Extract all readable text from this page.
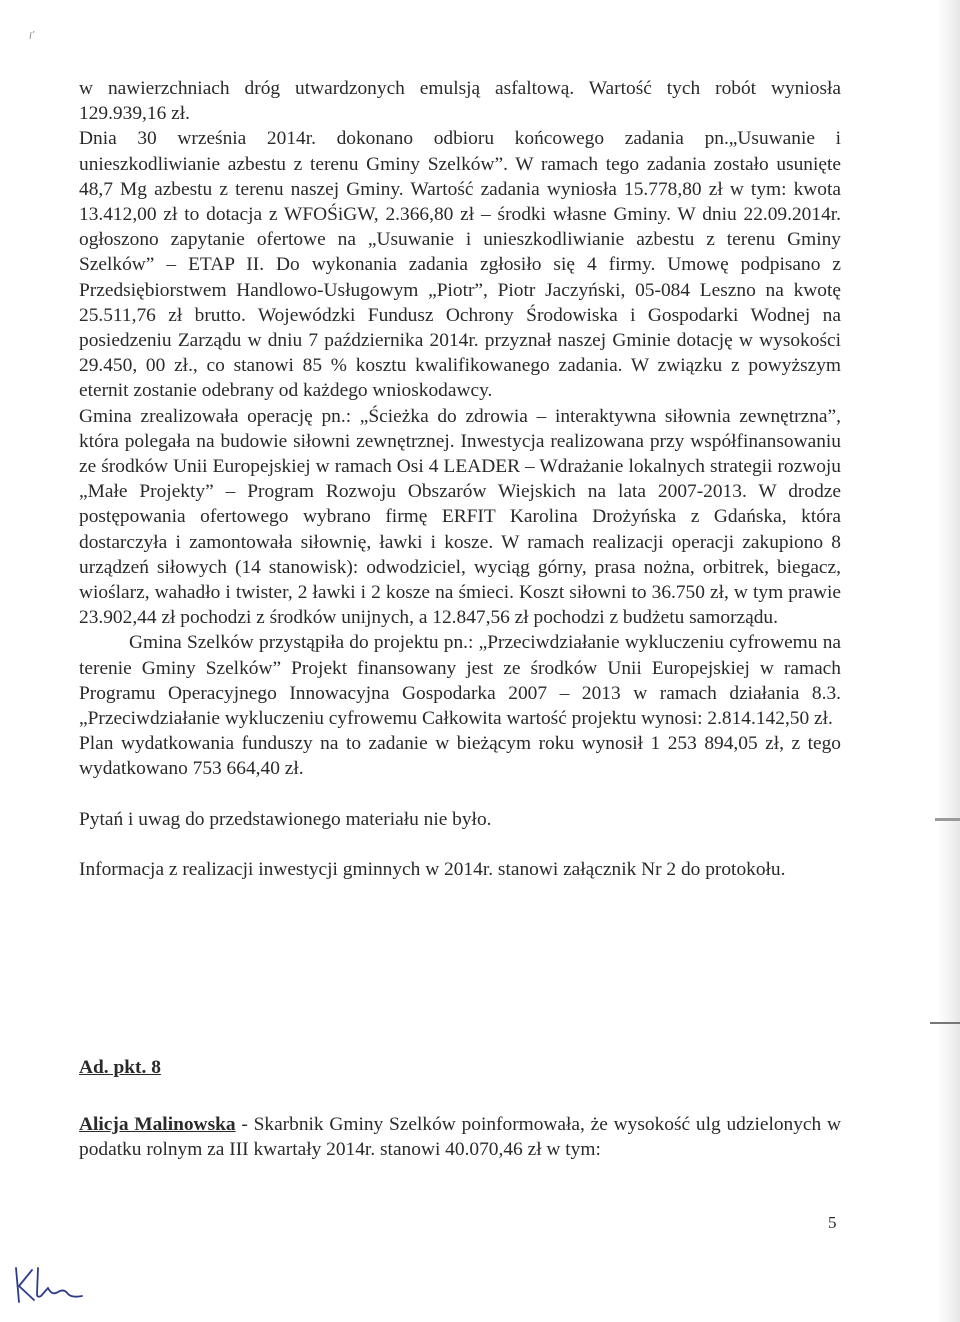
w nawierzchniach dróg utwardzonych emulsją asfaltową. Wartość tych robót wyniosła 129.939,16 zł.

Dnia 30 września 2014r. dokonano odbioru końcowego zadania pn.„Usuwanie i unieszkodliwianie azbestu z terenu Gminy Szelków”. W ramach tego zadania zostało usunięte 48,7 Mg azbestu z terenu naszej Gminy. Wartość zadania wyniosła 15.778,80 zł w tym: kwota 13.412,00 zł to dotacja z WFOŚiGW, 2.366,80 zł – środki własne Gminy. W dniu 22.09.2014r. ogłoszono zapytanie ofertowe na „Usuwanie i unieszkodliwianie azbestu z terenu Gminy Szelków” – ETAP II. Do wykonania zadania zgłosiło się 4 firmy. Umowę podpisano z Przedsiębiorstwem Handlowo-Usługowym „Piotr”, Piotr Jaczyński, 05-084 Leszno na kwotę 25.511,76 zł brutto. Wojewódzki Fundusz Ochrony Środowiska i Gospodarki Wodnej na posiedzeniu Zarządu w dniu 7 października 2014r. przyznał naszej Gminie dotację w wysokości 29.450, 00 zł., co stanowi 85 % kosztu kwalifikowanego zadania. W związku z powyższym eternit zostanie odebrany od każdego wnioskodawcy.

Gmina zrealizowała operację pn.: „Ścieżka do zdrowia – interaktywna siłownia zewnętrzna”, która polegała na budowie siłowni zewnętrznej. Inwestycja realizowana przy współfinansowaniu ze środków Unii Europejskiej w ramach Osi 4 LEADER – Wdrażanie lokalnych strategii rozwoju „Małe Projekty” – Program Rozwoju Obszarów Wiejskich na lata 2007-2013. W drodze postępowania ofertowego wybrano firmę ERFIT Karolina Drożyńska z Gdańska, która dostarczyła i zamontowała siłownię, ławki i kosze. W ramach realizacji operacji zakupiono 8 urządzeń siłowych (14 stanowisk): odwodziciel, wyciąg górny, prasa nożna, orbitrek, biegacz, wioślarz, wahadło i twister, 2 ławki i 2 kosze na śmieci. Koszt siłowni to 36.750 zł, w tym prawie 23.902,44 zł pochodzi z środków unijnych, a 12.847,56 zł pochodzi z budżetu samorządu.

Gmina Szelków przystąpiła do projektu pn.: „Przeciwdziałanie wykluczeniu cyfrowemu na terenie Gminy Szelków” Projekt finansowany jest ze środków Unii Europejskiej w ramach Programu Operacyjnego Innowacyjna Gospodarka 2007 – 2013 w ramach działania 8.3. „Przeciwdziałanie wykluczeniu cyfrowemu Całkowita wartość projektu wynosi: 2.814.142,50 zł.

Plan wydatkowania funduszy na to zadanie w bieżącym roku wynosił 1 253 894,05 zł, z tego wydatkowano 753 664,40 zł.

Pytań i uwag do przedstawionego materiału nie było.

Informacja z realizacji inwestycji gminnych w 2014r. stanowi załącznik Nr 2 do protokołu.

Ad. pkt. 8

Alicja Malinowska - Skarbnik Gminy Szelków poinformowała, że wysokość ulg udzielonych w podatku rolnym za III kwartały 2014r. stanowi 40.070,46 zł w tym:

5
